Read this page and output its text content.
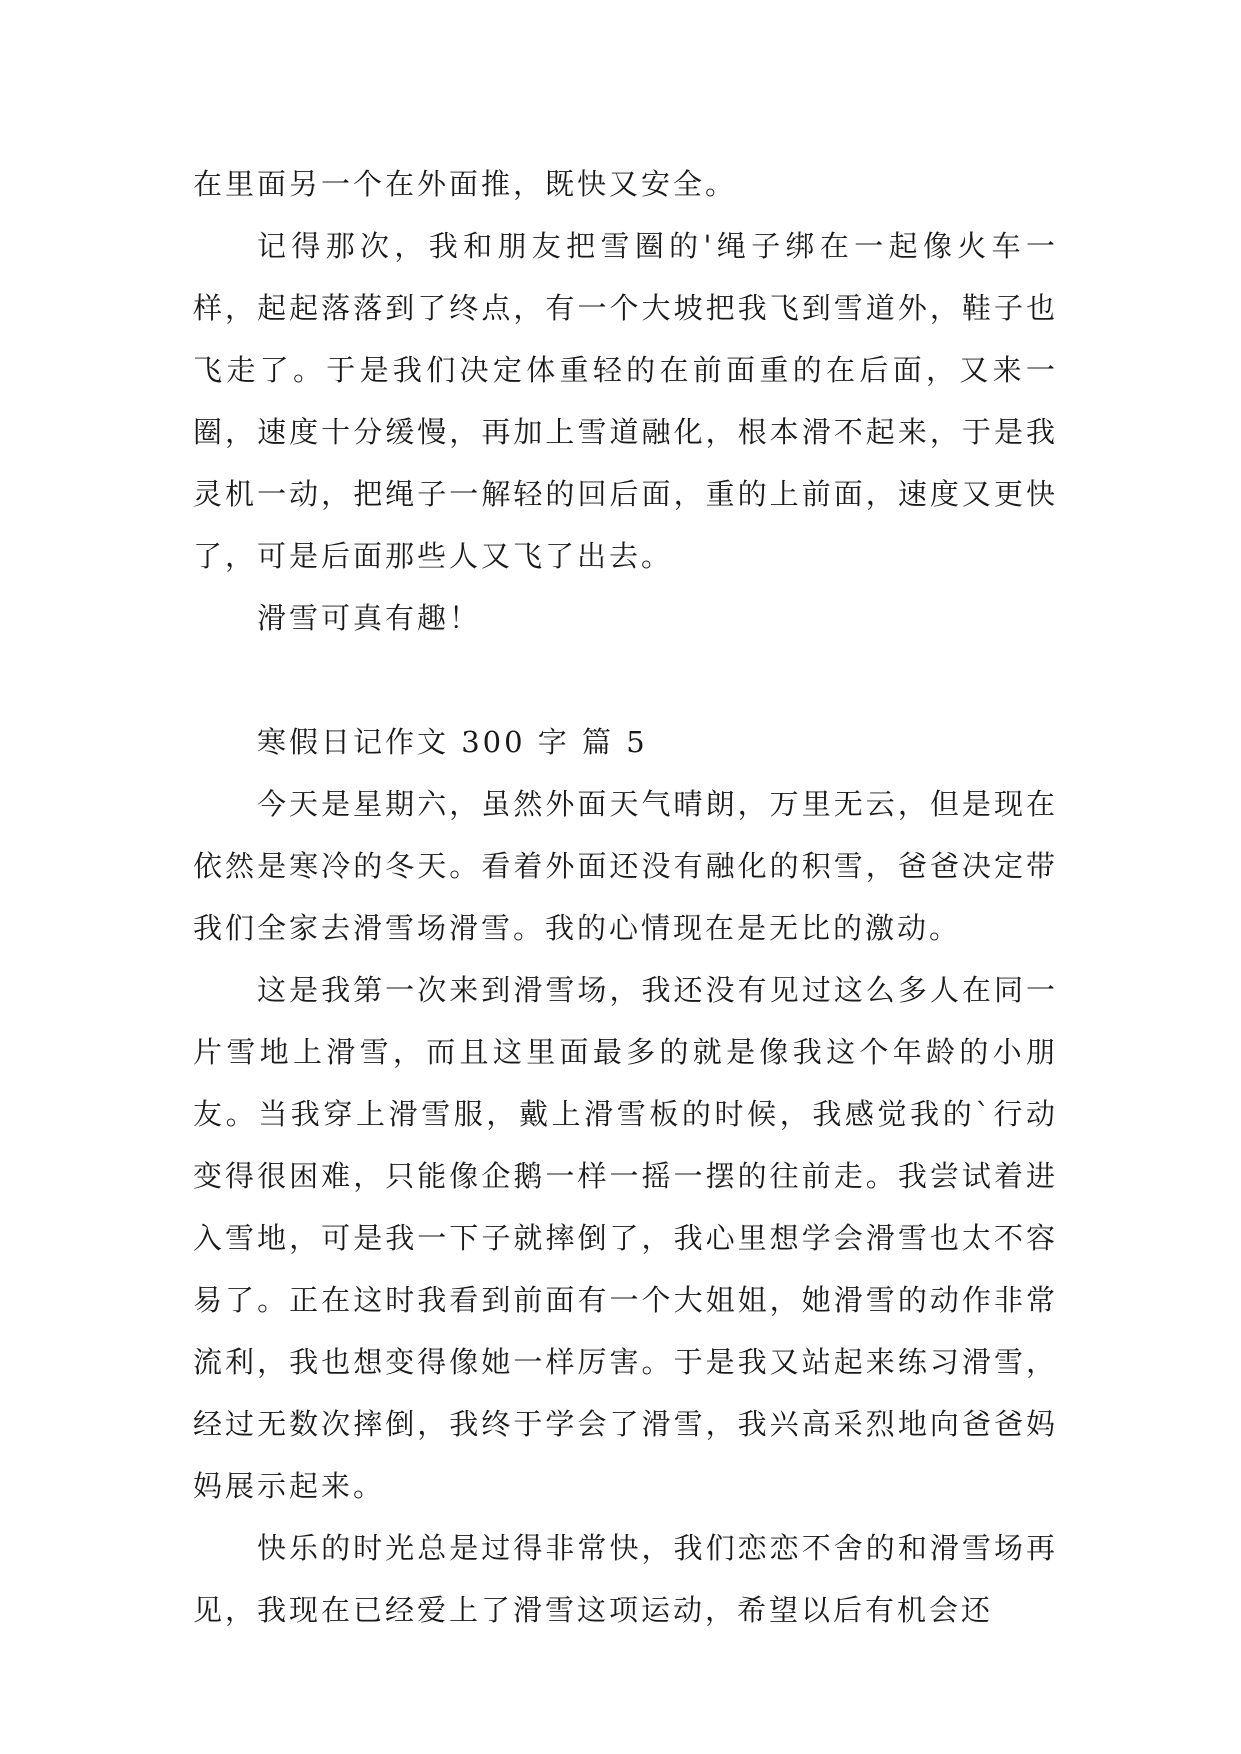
在里面另一个在外面推，既快又安全。

记得那次，我和朋友把雪圈的'绳子绑在一起像火车一样，起起落落到了终点，有一个大坡把我飞到雪道外，鞋子也飞走了。于是我们决定体重轻的在前面重的在后面，又来一圈，速度十分缓慢，再加上雪道融化，根本滑不起来，于是我灵机一动，把绳子一解轻的回后面，重的上前面，速度又更快了，可是后面那些人又飞了出去。

滑雪可真有趣！

寒假日记作文 300 字 篇 5

今天是星期六，虽然外面天气晴朗，万里无云，但是现在依然是寒冷的冬天。看着外面还没有融化的积雪，爸爸决定带我们全家去滑雪场滑雪。我的心情现在是无比的激动。

这是我第一次来到滑雪场，我还没有见过这么多人在同一片雪地上滑雪，而且这里面最多的就是像我这个年龄的小朋友。当我穿上滑雪服，戴上滑雪板的时候，我感觉我的`行动变得很困难，只能像企鹅一样一摇一摆的往前走。我尝试着进入雪地，可是我一下子就摔倒了，我心里想学会滑雪也太不容易了。正在这时我看到前面有一个大姐姐，她滑雪的动作非常流利，我也想变得像她一样厉害。于是我又站起来练习滑雪，经过无数次摔倒，我终于学会了滑雪，我兴高采烈地向爸爸妈妈展示起来。

快乐的时光总是过得非常快，我们恋恋不舍的和滑雪场再见，我现在已经爱上了滑雪这项运动，希望以后有机会还
